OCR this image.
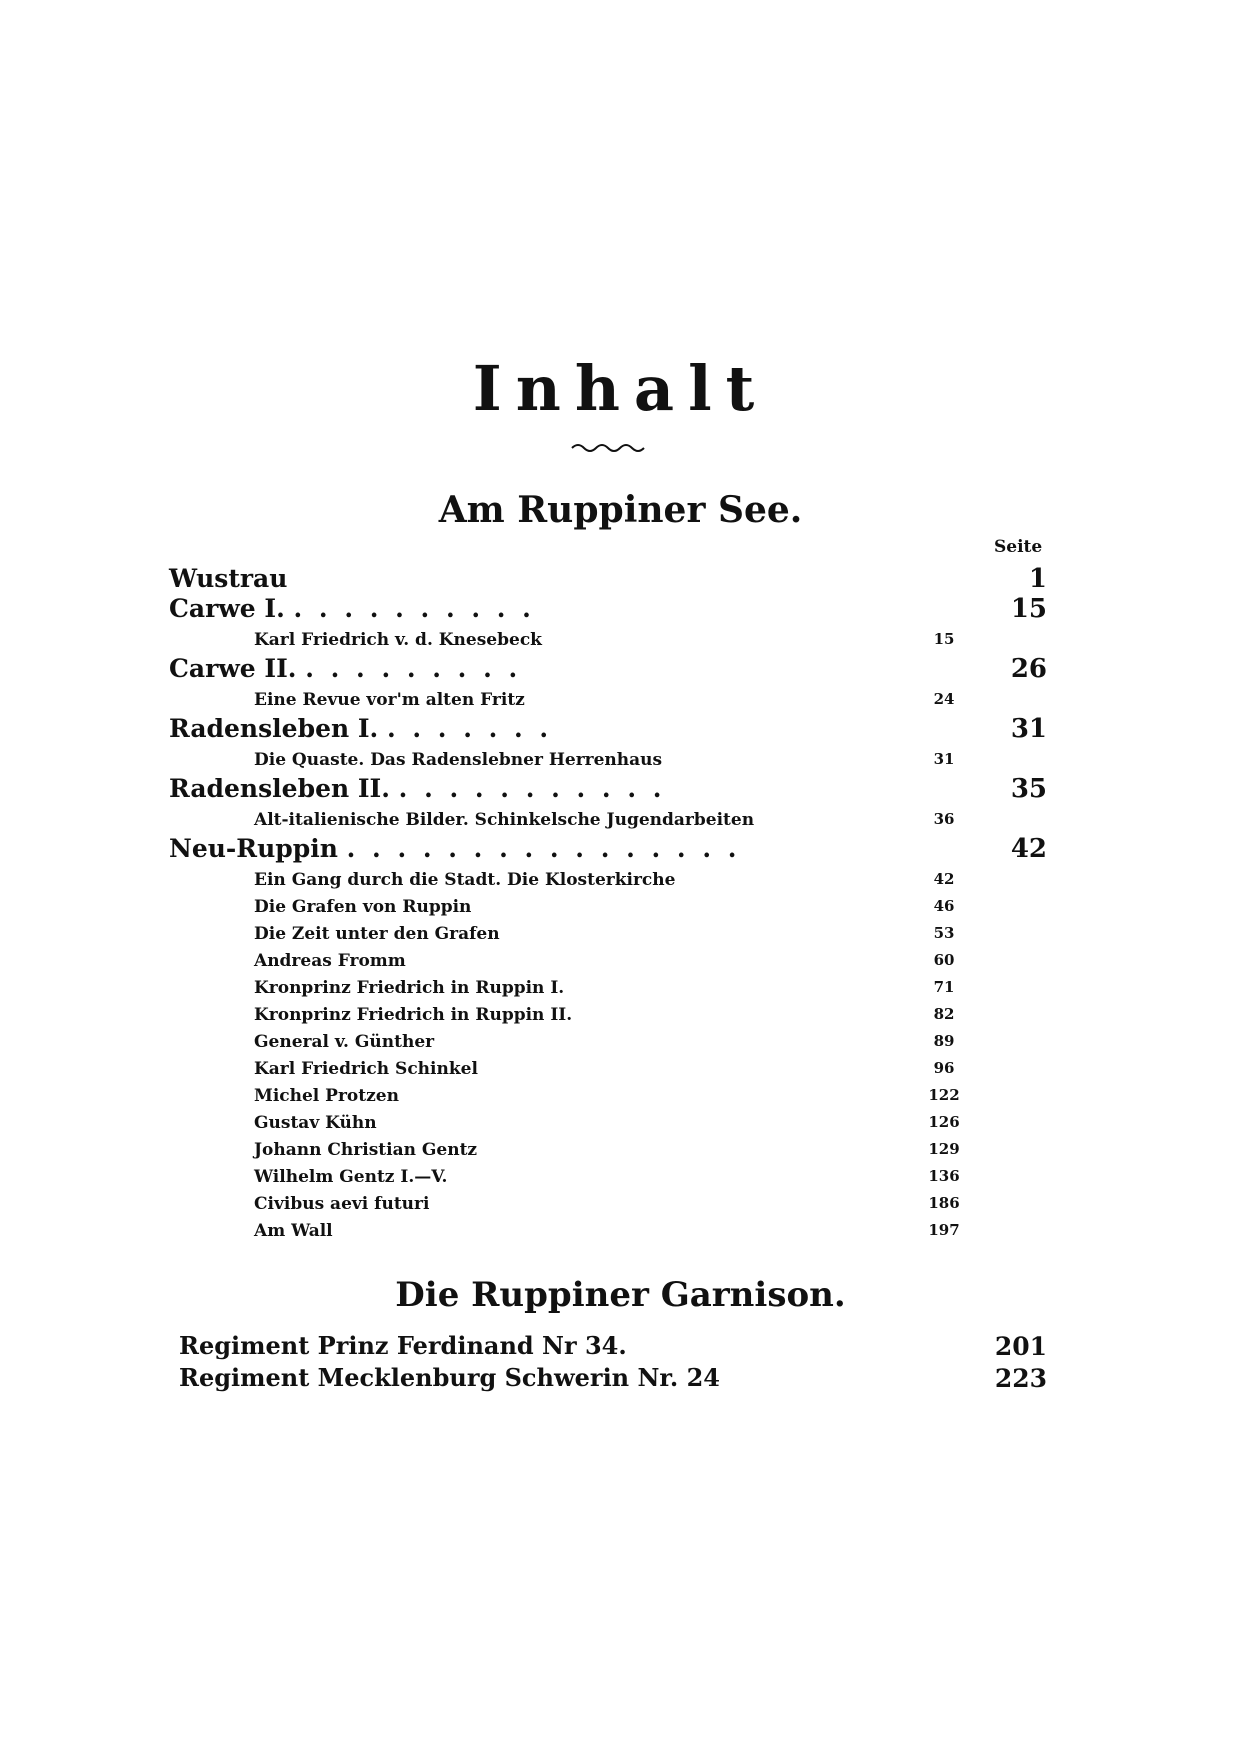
Inhalt
Am Ruppiner See.
Seite
Wustrau	1
Carwe I. . . . . . . . . . .	15
Karl Friedrich v. d. Knesebeck	15
Carwe II. . . . . . . . . .	26
Eine Revue vor'm alten Fritz	24
Radensleben I. . . . . . . .	31
Die Quaste. Das Radenslebner Herrenhaus	31
Radensleben II. . . . . . . . . . . .	35
Alt-italienische Bilder. Schinkelsche Jugendarbeiten	36
Neu-Ruppin . . . . . . . . . . . . . . . .	42
Ein Gang durch die Stadt. Die Klosterkirche	42
Die Grafen von Ruppin	46
Die Zeit unter den Grafen	53
Andreas Fromm	60
Kronprinz Friedrich in Ruppin I.	71
Kronprinz Friedrich in Ruppin II.	82
General v. Günther	89
Karl Friedrich Schinkel	96
Michel Protzen	122
Gustav Kühn	126
Johann Christian Gentz	129
Wilhelm Gentz I.—V.	136
Civibus aevi futuri	186
Am Wall	197
Die Ruppiner Garnison.
Regiment Prinz Ferdinand Nr 34.	201
Regiment Mecklenburg Schwerin Nr. 24	223
